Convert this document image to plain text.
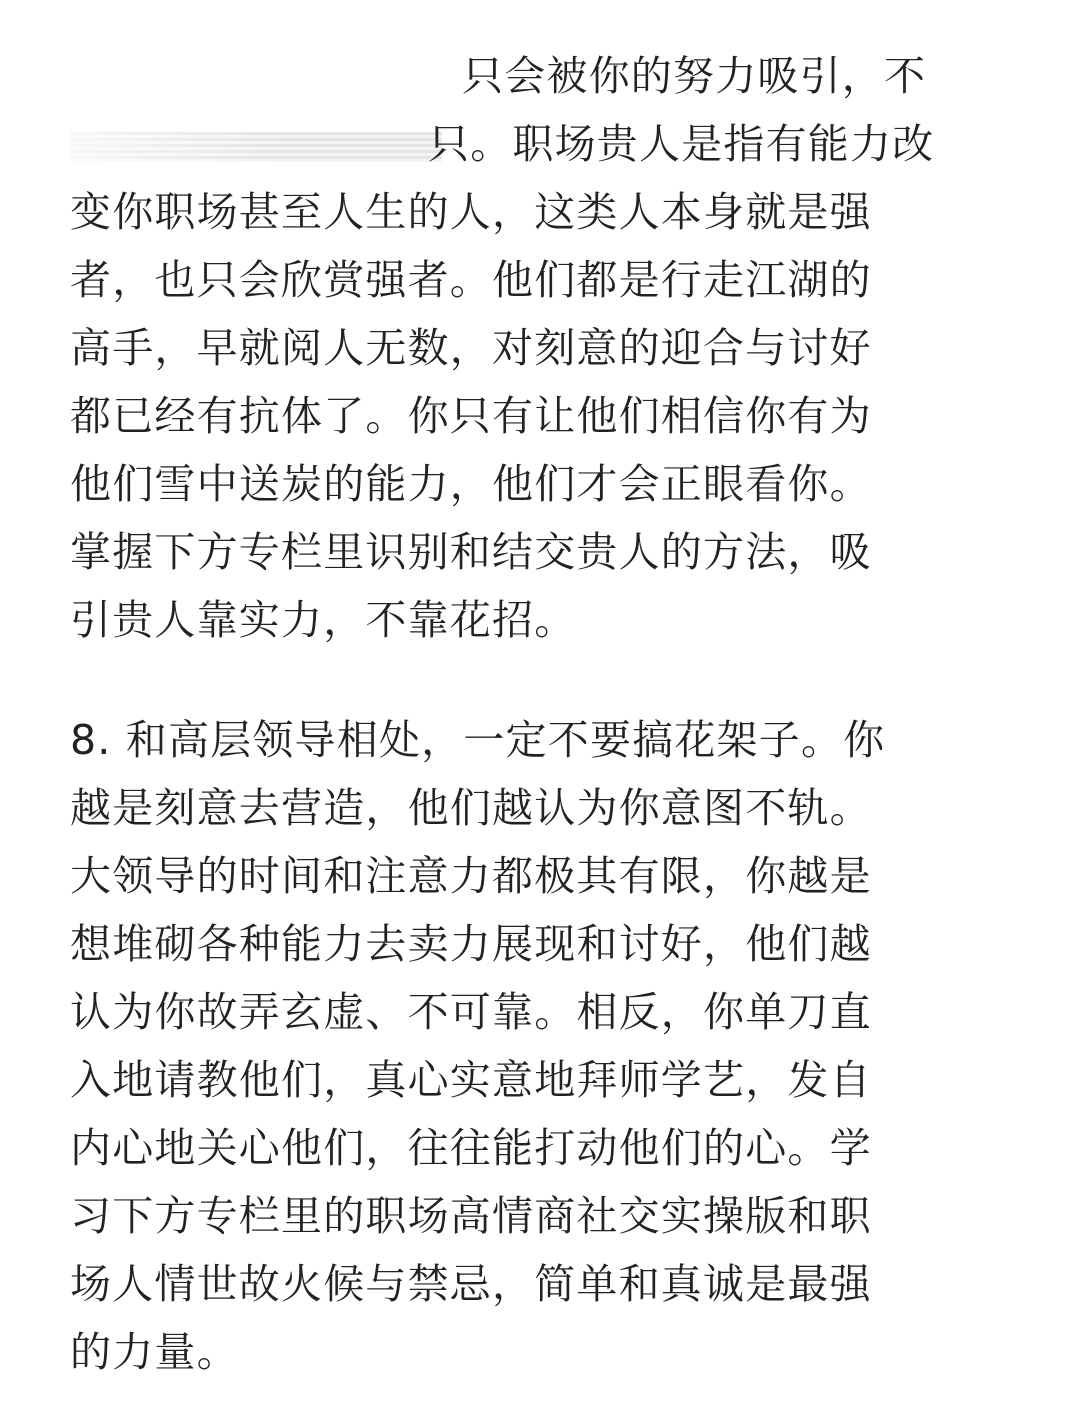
只会被你的努力吸引，不
只。职场贵人是指有能力改
变你职场甚至人生的人，这类人本身就是强
者，也只会欣赏强者。他们都是行走江湖的
高手，早就阅人无数，对刻意的迎合与讨好
都已经有抗体了。你只有让他们相信你有为
他们雪中送炭的能力，他们才会正眼看你。
掌握下方专栏里识别和结交贵人的方法，吸
引贵人靠实力，不靠花招。
8. 和高层领导相处，一定不要搞花架子。你
越是刻意去营造，他们越认为你意图不轨。
大领导的时间和注意力都极其有限，你越是
想堆砌各种能力去卖力展现和讨好，他们越
认为你故弄玄虚、不可靠。相反，你单刀直
入地请教他们，真心实意地拜师学艺，发自
内心地关心他们，往往能打动他们的心。学
习下方专栏里的职场高情商社交实操版和职
场人情世故火候与禁忌，简单和真诚是最强
的力量。
